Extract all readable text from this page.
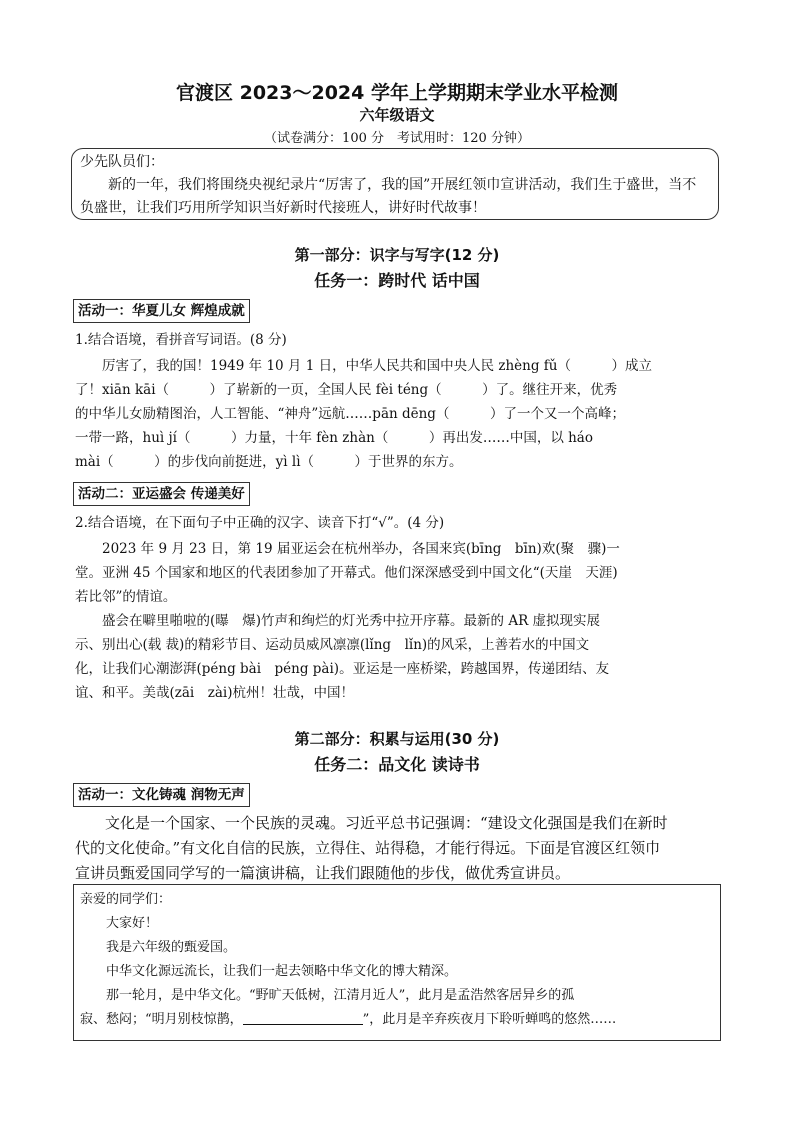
官渡区 2023～2024 学年上学期期末学业水平检测
六年级语文
（试卷满分：100 分　考试用时：120 分钟）

少先队员们：

新的一年，我们将围绕央视纪录片“厉害了，我的国”开展红领巾宣讲活动，我们生于盛世，当不负盛世，让我们巧用所学知识当好新时代接班人，讲好时代故事！

第一部分：识字与写字(12 分)
任务一：跨时代 话中国
活动一：华夏儿女 辉煌成就
1.结合语境，看拼音写词语。(8 分)

厉害了，我的国！1949 年 10 月 1 日，中华人民共和国中央人民 zhèng fǔ（　　　）成立

了！xiān kāi（　　　）了崭新的一页，全国人民 fèi téng（　　　）了。继往开来，优秀

的中华儿女励精图治，人工智能、“神舟”远航……pān dēng（　　　）了一个又一个高峰；

一带一路，huì jí（　　　）力量，十年 fèn zhàn（　　　）再出发……中国，以 háo

mài（　　　）的步伐向前挺进，yì lì（　　　）于世界的东方。

活动二：亚运盛会 传递美好
2.结合语境，在下面句子中正确的汉字、读音下打“√”。(4 分)

2023 年 9 月 23 日，第 19 届亚运会在杭州举办，各国来宾(bīng　bīn)欢(聚　骤)一

堂。亚洲 45 个国家和地区的代表团参加了开幕式。他们深深感受到中国文化“(天崖　天涯)

若比邻”的情谊。

盛会在噼里啪啦的(曝　爆)竹声和绚烂的灯光秀中拉开序幕。最新的 AR 虚拟现实展

示、别出心(载 裁)的精彩节目、运动员威风凛凛(lǐng　lǐn)的风采，上善若水的中国文

化，让我们心潮澎湃(péng bài　péng pài)。亚运是一座桥梁，跨越国界，传递团结、友

谊、和平。美哉(zāi　zài)杭州！壮哉，中国！

第二部分：积累与运用(30 分)
任务二：品文化 读诗书
活动一：文化铸魂 润物无声

文化是一个国家、一个民族的灵魂。习近平总书记强调：“建设文化强国是我们在新时

代的文化使命。”有文化自信的民族，立得住、站得稳，才能行得远。下面是官渡区红领巾

宣讲员甄爱国同学写的一篇演讲稿，让我们跟随他的步伐，做优秀宣讲员。

亲爱的同学们：

大家好！

我是六年级的甄爱国。

中华文化源远流长，让我们一起去领略中华文化的博大精深。

那一轮月，是中华文化。“野旷天低树，江清月近人”，此月是孟浩然客居异乡的孤

寂、愁闷；“明月别枝惊鹊，	”，此月是辛弃疾夜月下聆听蝉鸣的悠然……
